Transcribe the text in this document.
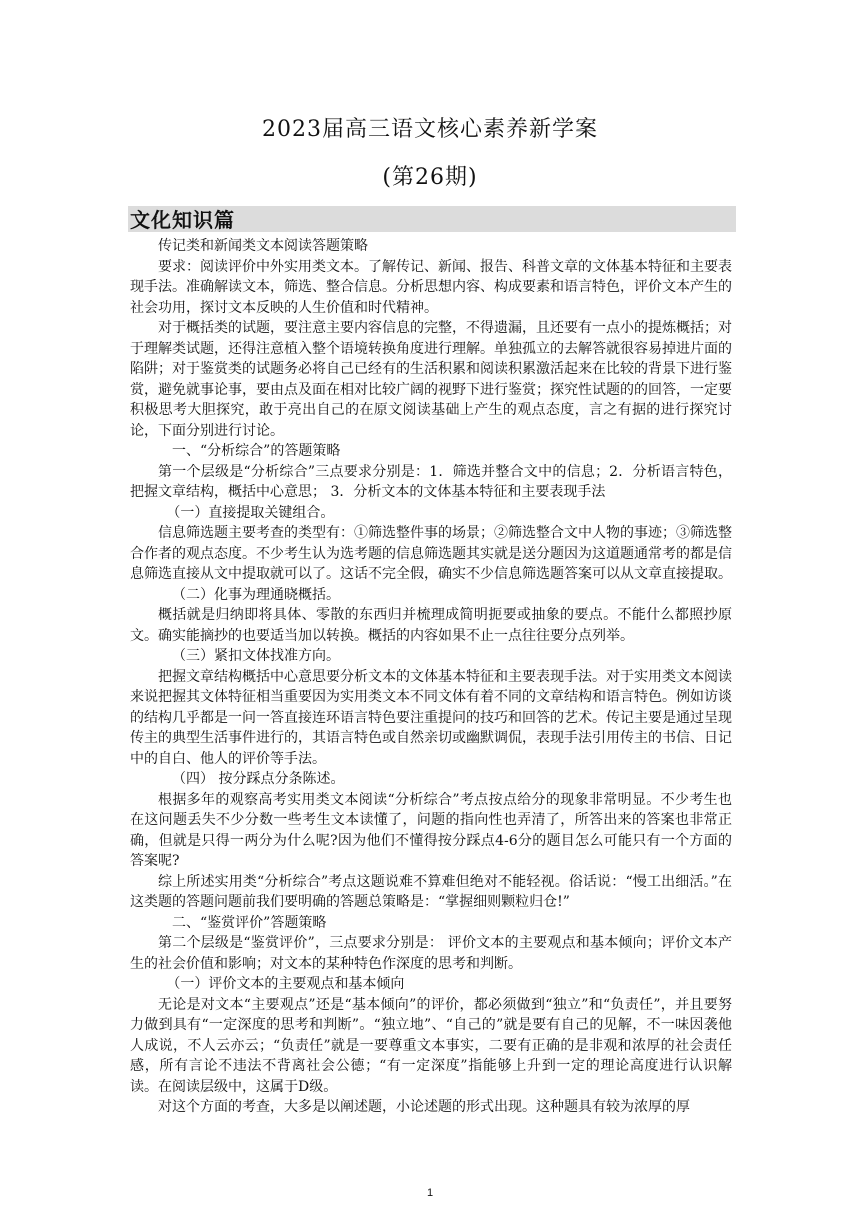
2023届高三语文核心素养新学案
(第26期)
文化知识篇

传记类和新闻类文本阅读答题策略

要求：阅读评价中外实用类文本。了解传记、新闻、报告、科普文章的文体基本特征和主要表现手法。准确解读文本，筛选、整合信息。分析思想内容、构成要素和语言特色，评价文本产生的社会功用，探讨文本反映的人生价值和时代精神。

对于概括类的试题，要注意主要内容信息的完整，不得遗漏，且还要有一点小的提炼概括；对于理解类试题，还得注意植入整个语境转换角度进行理解。单独孤立的去解答就很容易掉进片面的陷阱；对于鉴赏类的试题务必将自己已经有的生活积累和阅读积累激活起来在比较的背景下进行鉴赏，避免就事论事，要由点及面在相对比较广阔的视野下进行鉴赏；探究性试题的的回答，一定要积极思考大胆探究，敢于亮出自己的在原文阅读基础上产生的观点态度，言之有据的进行探究讨论，下面分别进行讨论。

一、“分析综合”的答题策略

第一个层级是“分析综合”三点要求分别是：1．筛选并整合文中的信息；2．分析语言特色，把握文章结构，概括中心意思； 3．分析文本的文体基本特征和主要表现手法

（一）直接提取关键组合。

信息筛选题主要考查的类型有：①筛选整件事的场景；②筛选整合文中人物的事迹；③筛选整合作者的观点态度。不少考生认为选考题的信息筛选题其实就是送分题因为这道题通常考的都是信息筛选直接从文中提取就可以了。这话不完全假，确实不少信息筛选题答案可以从文章直接提取。

（二）化事为理通晓概括。

概括就是归纳即将具体、零散的东西归并梳理成简明扼要或抽象的要点。不能什么都照抄原文。确实能摘抄的也要适当加以转换。概括的内容如果不止一点往往要分点列举。

（三）紧扣文体找准方向。

把握文章结构概括中心意思要分析文本的文体基本特征和主要表现手法。对于实用类文本阅读来说把握其文体特征相当重要因为实用类文本不同文体有着不同的文章结构和语言特色。例如访谈的结构几乎都是一问一答直接连环语言特色要注重提问的技巧和回答的艺术。传记主要是通过呈现传主的典型生活事件进行的，其语言特色或自然亲切或幽默调侃，表现手法引用传主的书信、日记中的自白、他人的评价等手法。

（四） 按分踩点分条陈述。

根据多年的观察高考实用类文本阅读“分析综合”考点按点给分的现象非常明显。不少考生也在这问题丢失不少分数一些考生文本读懂了，问题的指向性也弄清了，所答出来的答案也非常正确，但就是只得一两分为什么呢?因为他们不懂得按分踩点4-6分的题目怎么可能只有一个方面的答案呢?

综上所述实用类“分析综合”考点这题说难不算难但绝对不能轻视。俗话说：“慢工出细活。”在这类题的答题问题前我们要明确的答题总策略是：“掌握细则颗粒归仓!”

二、“鉴赏评价”答题策略

第二个层级是“鉴赏评价”，三点要求分别是： 评价文本的主要观点和基本倾向；评价文本产生的社会价值和影响；对文本的某种特色作深度的思考和判断。

（一）评价文本的主要观点和基本倾向

无论是对文本“主要观点”还是“基本倾向”的评价，都必须做到“独立”和“负责任”，并且要努力做到具有“一定深度的思考和判断”。“独立地”、“自己的”就是要有自己的见解，不一味因袭他人成说，不人云亦云；“负责任”就是一要尊重文本事实，二要有正确的是非观和浓厚的社会责任感，所有言论不违法不背离社会公德；“有一定深度”指能够上升到一定的理论高度进行认识解读。在阅读层级中，这属于D级。

对这个方面的考查，大多是以阐述题，小论述题的形式出现。这种题具有较为浓厚的厚

1
